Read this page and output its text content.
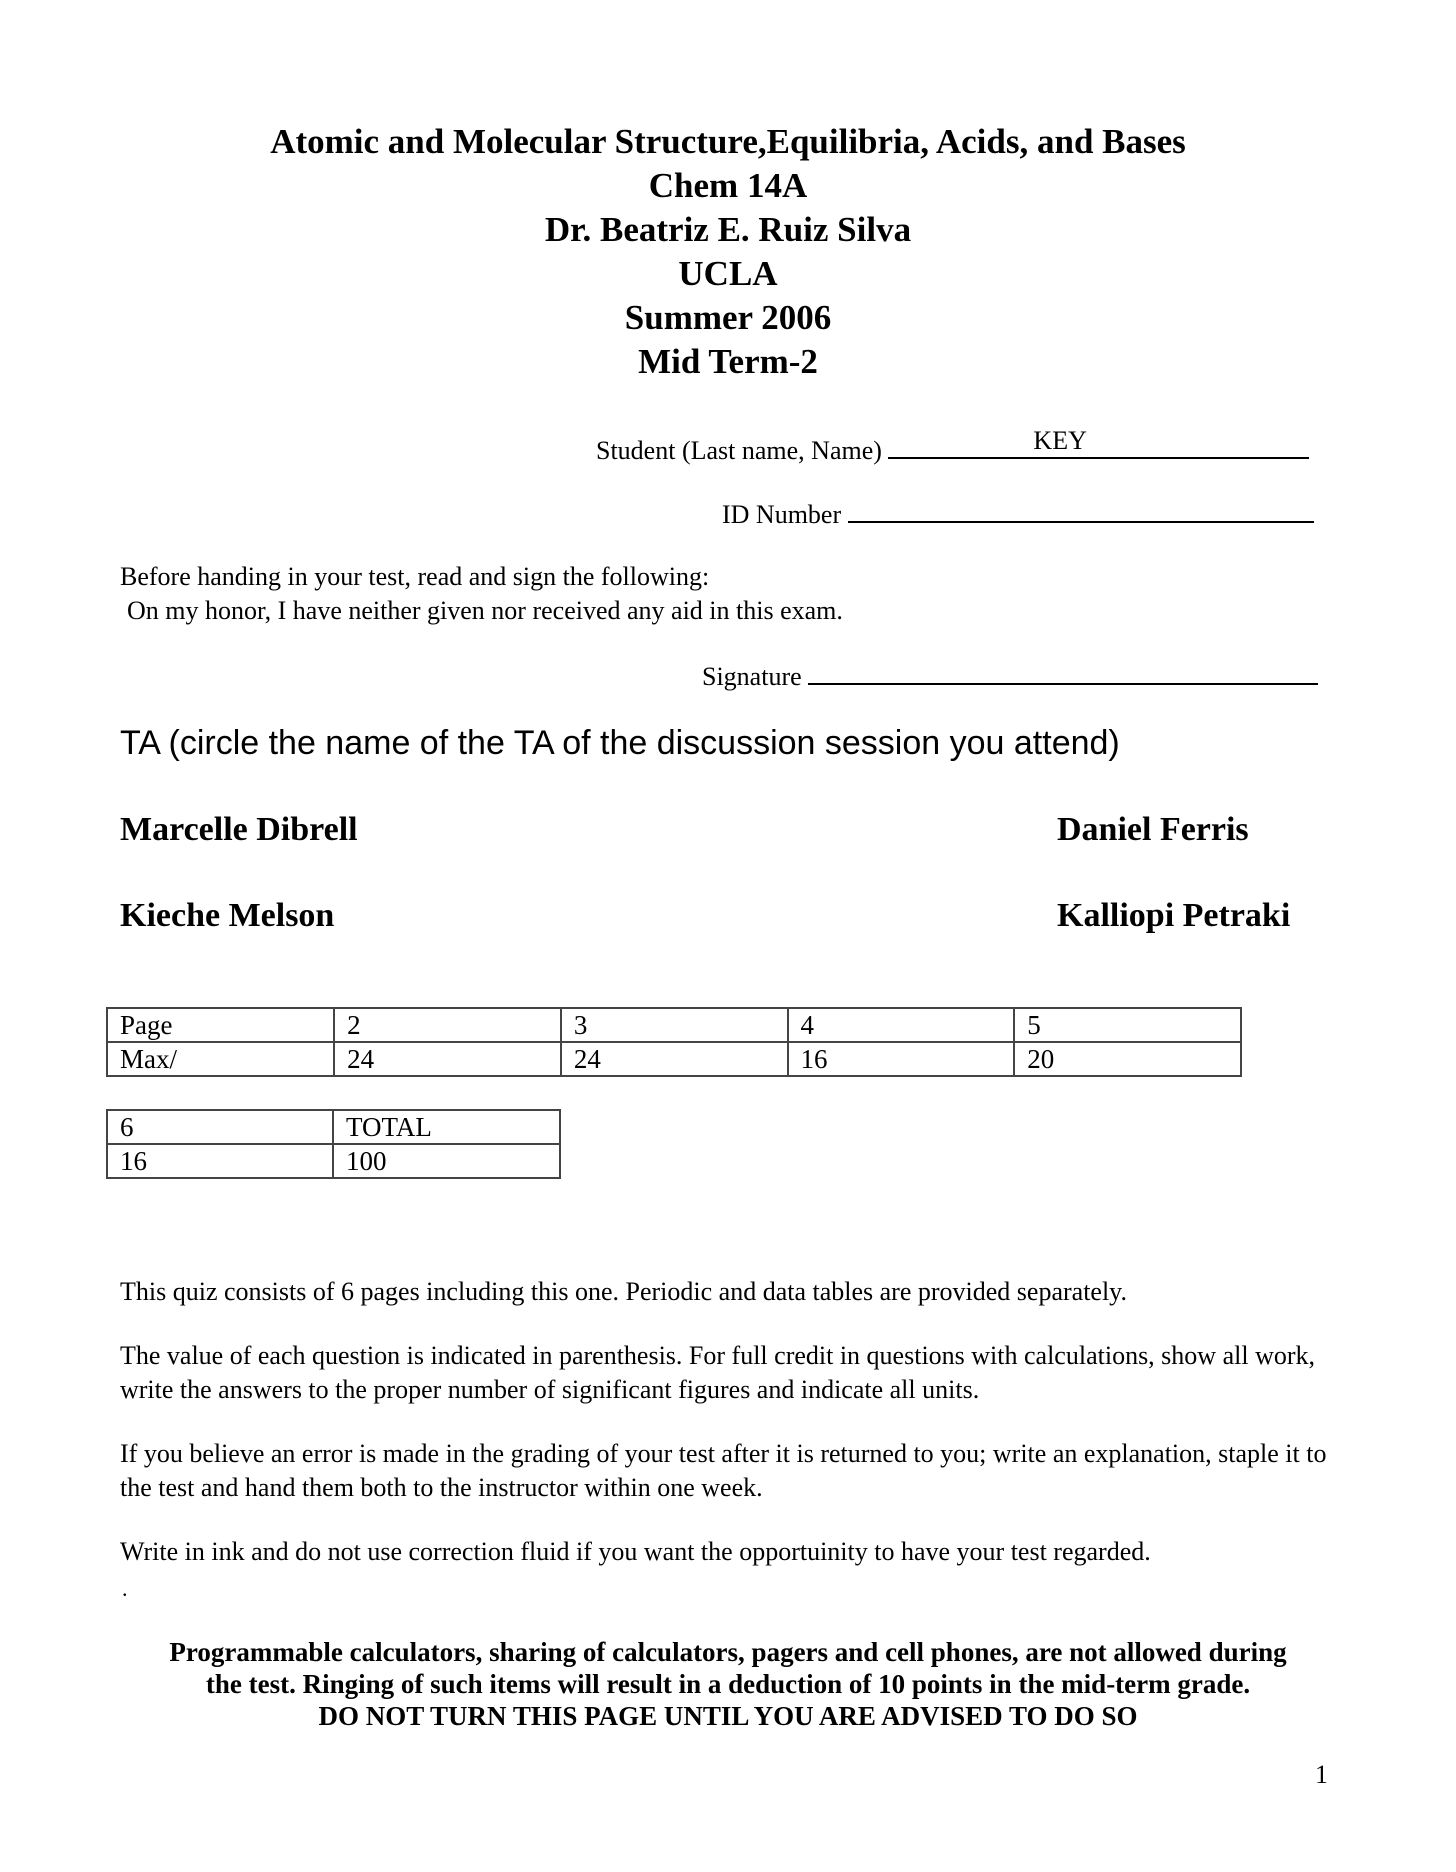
Atomic and Molecular Structure,Equilibria, Acids, and Bases
Chem 14A
Dr. Beatriz E. Ruiz Silva
UCLA
Summer 2006
Mid Term-2
Student (Last name, Name)	KEY
ID Number
Before handing in your test, read and sign the following:
On my honor, I have neither given nor received any aid in this exam.
Signature
TA (circle the name of the TA of the discussion session you attend)
Marcelle Dibrell	Daniel Ferris
Kieche Melson	Kalliopi Petraki
Page	2	3	4	5
Max/	24	24	16	20
6	TOTAL
16	100

This quiz consists of 6 pages including this one. Periodic and data tables are provided separately.

The value of each question is indicated in parenthesis. For full credit in questions with calculations, show all work, write the answers to the proper number of significant figures and indicate all units.

If you believe an error is made in the grading of your test after it is returned to you; write an explanation, staple it to the test and hand them both to the instructor within one week.

Write in ink and do not use correction fluid if you want the opportuinity to have your test regarded.

.
Programmable calculators, sharing of calculators, pagers and cell phones, are not allowed during
the test. Ringing of such items will result in a deduction of 10 points in the mid-term grade.
DO NOT TURN THIS PAGE UNTIL YOU ARE ADVISED TO DO SO
1
